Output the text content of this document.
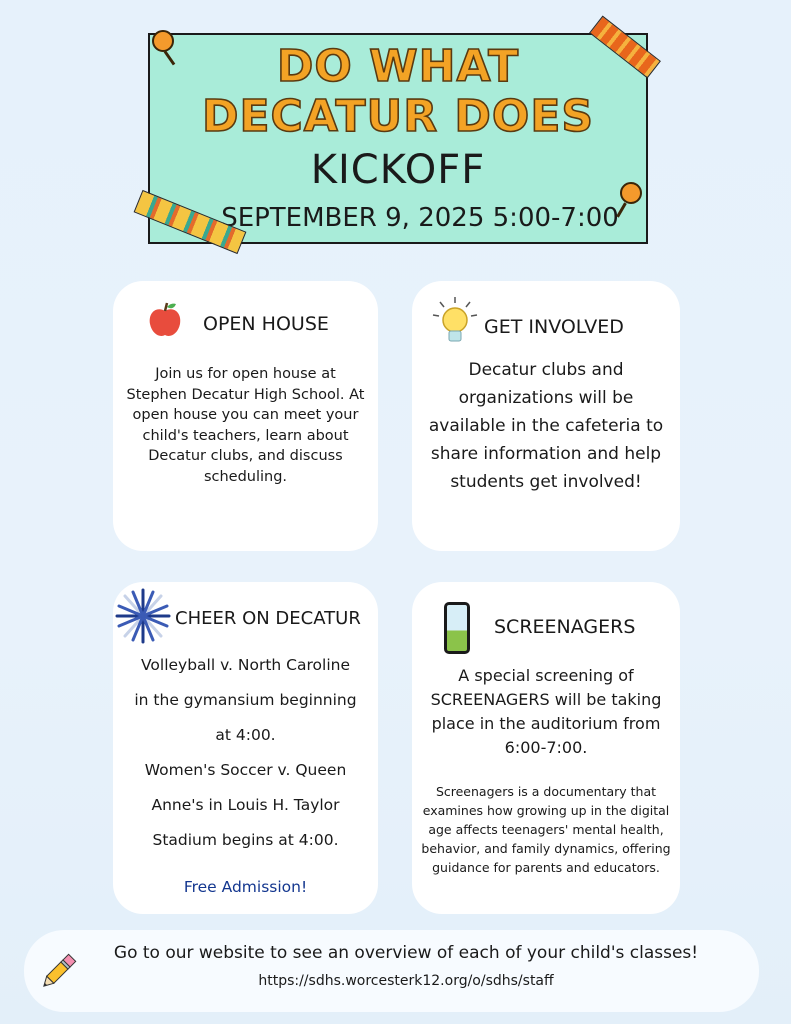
DO WHAT
DECATUR DOES
KICKOFF
SEPTEMBER 9, 2025 5:00-7:00
OPEN HOUSE
Join us for open house at Stephen Decatur High School. At open house you can meet your child's teachers, learn about Decatur clubs, and discuss scheduling.
GET INVOLVED
Decatur clubs and organizations will be available in the cafeteria to share information and help students get involved!
CHEER ON DECATUR
Volleyball v. North Caroline
in the gymansium beginning
at 4:00.
Women's Soccer v. Queen
Anne's in Louis H. Taylor
Stadium begins at 4:00.
Free Admission!
SCREENAGERS
A special screening of SCREENAGERS will be taking place in the auditorium from 6:00-7:00.
Screenagers is a documentary that examines how growing up in the digital age affects teenagers' mental health, behavior, and family dynamics, offering guidance for parents and educators.
Go to our website to see an overview of each of your child's classes!
https://sdhs.worcesterk12.org/o/sdhs/staff
